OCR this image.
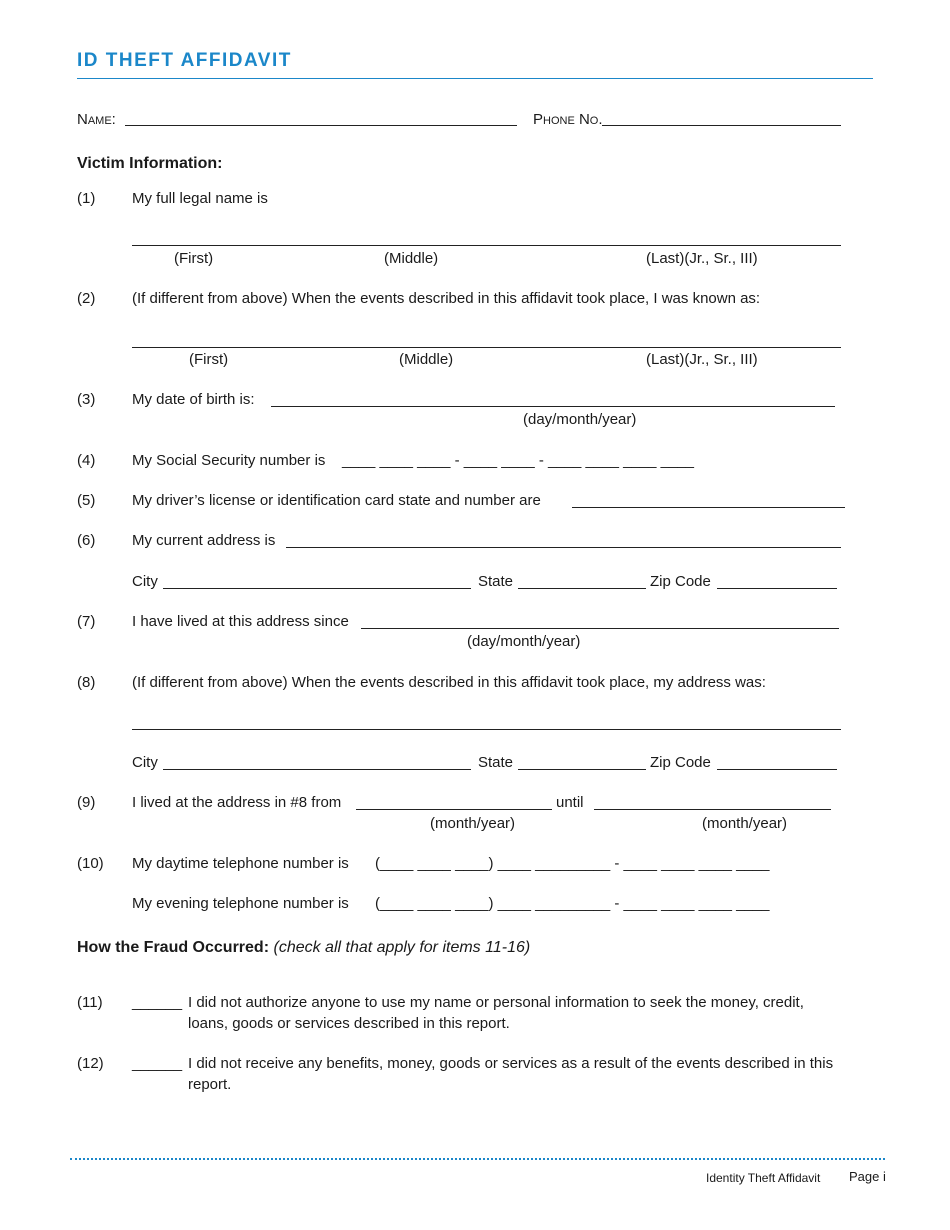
ID THEFT AFFIDAVIT
Name:	Phone No.
Victim Information:
(1) My full legal name is
(First)	(Middle)	(Last)(Jr., Sr., III)
(2) (If different from above) When the events described in this affidavit took place, I was known as:
(First)	(Middle)	(Last)(Jr., Sr., III)
(3) My date of birth is:
(day/month/year)
(4) My Social Security number is ____ ____ ____ - ____ ____ - ____ ____ ____ ____
(5) My driver’s license or identification card state and number are
(6) My current address is
City	State	Zip Code
(7) I have lived at this address since
(day/month/year)
(8) (If different from above) When the events described in this affidavit took place, my address was:
City	State	Zip Code
(9) I lived at the address in #8 from	until
(month/year)	(month/year)
(10) My daytime telephone number is (____ ____ ____) ____ _________ - ____ ____ ____ ____
My evening telephone number is (____ ____ ____) ____ _________ - ____ ____ ____ ____
How the Fraud Occurred: (check all that apply for items 11-16)
(11) ______ I did not authorize anyone to use my name or personal information to seek the money, credit,
loans, goods or services described in this report.
(12) ______ I did not receive any benefits, money, goods or services as a result of the events described in this
report.
Identity Theft Affidavit Page i
